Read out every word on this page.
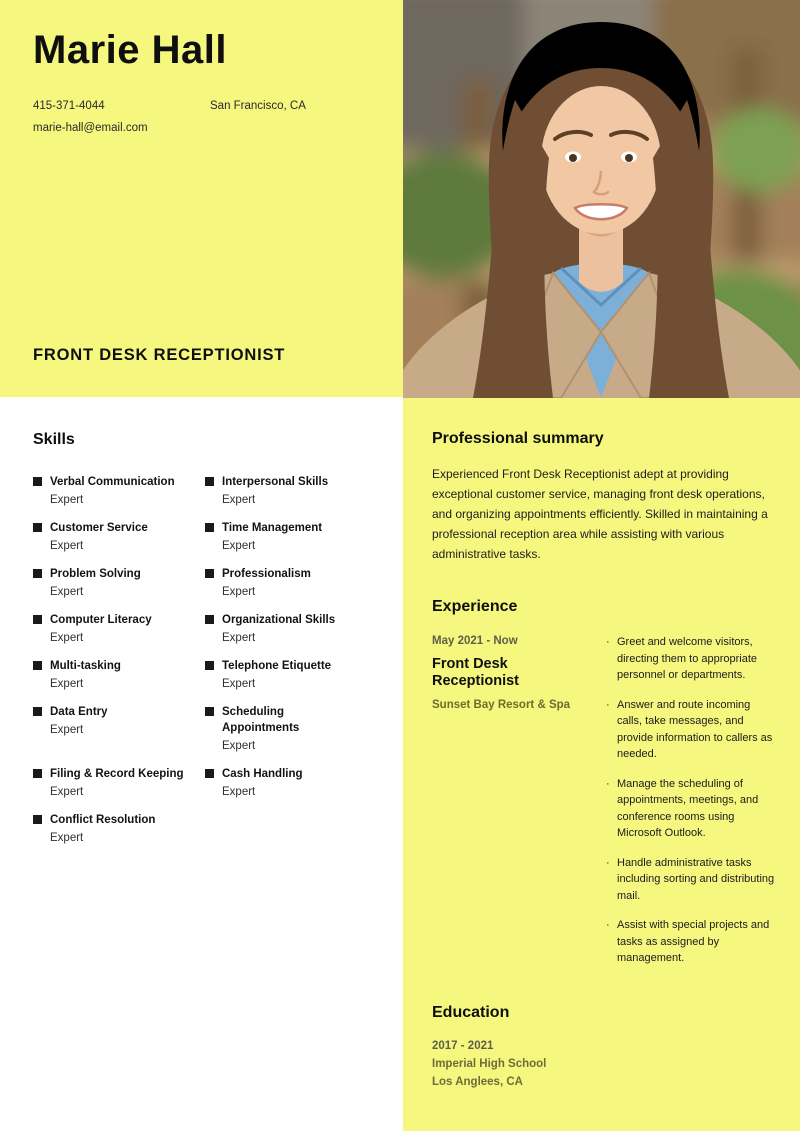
Marie Hall
415-371-4044	San Francisco, CA
marie-hall@email.com
FRONT DESK RECEPTIONIST
Skills
Verbal Communication
Expert
Customer Service
Expert
Problem Solving
Expert
Computer Literacy
Expert
Multi-tasking
Expert
Data Entry
Expert
Filing & Record Keeping
Expert
Conflict Resolution
Expert
Interpersonal Skills
Expert
Time Management
Expert
Professionalism
Expert
Organizational Skills
Expert
Telephone Etiquette
Expert
Scheduling Appointments
Expert
Cash Handling
Expert
Professional summary
Experienced Front Desk Receptionist adept at providing exceptional customer service, managing front desk operations, and organizing appointments efficiently. Skilled in maintaining a professional reception area while assisting with various administrative tasks.
Experience
May 2021 - Now
Front Desk Receptionist
Sunset Bay Resort & Spa
· Greet and welcome visitors, directing them to appropriate personnel or departments.
· Answer and route incoming calls, take messages, and provide information to callers as needed.
· Manage the scheduling of appointments, meetings, and conference rooms using Microsoft Outlook.
· Handle administrative tasks including sorting and distributing mail.
· Assist with special projects and tasks as assigned by management.
Education
2017 - 2021
Imperial High School
Los Anglees, CA
